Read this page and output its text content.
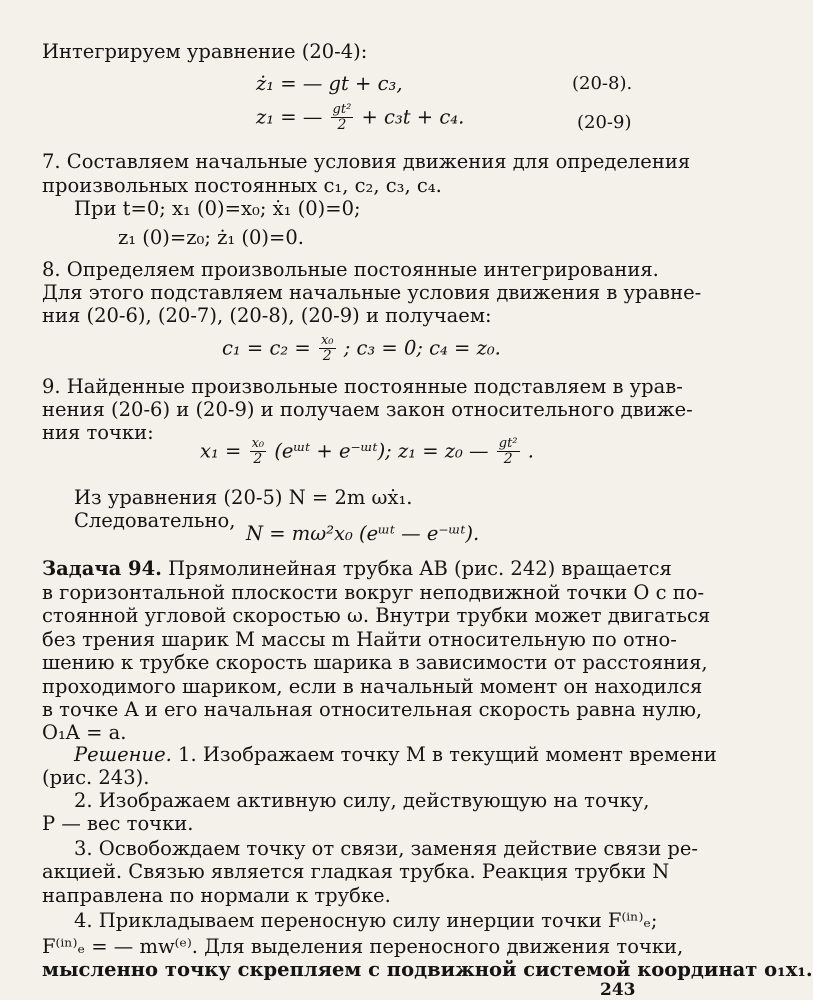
Интегрируем уравнение (20-4):
ż₁ = — gt + c₃,	(20-8).
z₁ = — $\frac{\text{gt²}}{2} + c_3t + c_4$.	(20-9)
7. Составляем начальные условия движения для определения
произвольных постоянных c₁, c₂, c₃, c₄.
При t=0; x₁ (0)=x₀; ẋ₁ (0)=0;
z₁ (0)=z₀; ż₁ (0)=0.
8. Определяем произвольные постоянные интегрирования.
Для этого подставляем начальные условия движения в уравне-
ния (20-6), (20-7), (20-8), (20-9) и получаем:
$c_1 = c_2 = \frac{\text{x₀}}{2}$ ; c₃ = 0; c₄ = z₀.
9. Найденные произвольные постоянные подставляем в урав-
нения (20-6) и (20-9) и получаем закон относительного движе-
ния точки:
$x_1 = \frac{\text{x₀}}{2}$ (eᵚᵗ + e⁻ᵚᵗ); z₁ = z₀ — $\frac{\text{gt²}}{2}$ .
Из уравнения (20-5) N = 2m ωẋ₁.
Следовательно,
N = mω²x₀ (eᵚᵗ — e⁻ᵚᵗ).
Задача 94. Прямолинейная трубка AB (рис. 242) вращается
в горизонтальной плоскости вокруг неподвижной точки O с по-
стоянной угловой скоростью ω. Внутри трубки может двигаться
без трения шарик M массы m Найти относительную по отно-
шению к трубке скорость шарика в зависимости от расстояния,
проходимого шариком, если в начальный момент он находился
в точке A и его начальная относительная скорость равна нулю,
O₁A = a.
Решение. 1. Изображаем точку M в текущий момент времени
(рис. 243).
2. Изображаем активную силу, действующую на точку,
P — вес точки.
3. Освобождаем точку от связи, заменяя действие связи ре-
акцией. Связью является гладкая трубка. Реакция трубки N
направлена по нормали к трубке.
4. Прикладываем переносную силу инерции точки F⁽ⁱⁿ⁾ₑ;
F⁽ⁱⁿ⁾ₑ = — mw⁽ᵉ⁾. Для выделения переносного движения точки,
мысленно точку скрепляем с подвижной системой координат o₁x₁.
243
